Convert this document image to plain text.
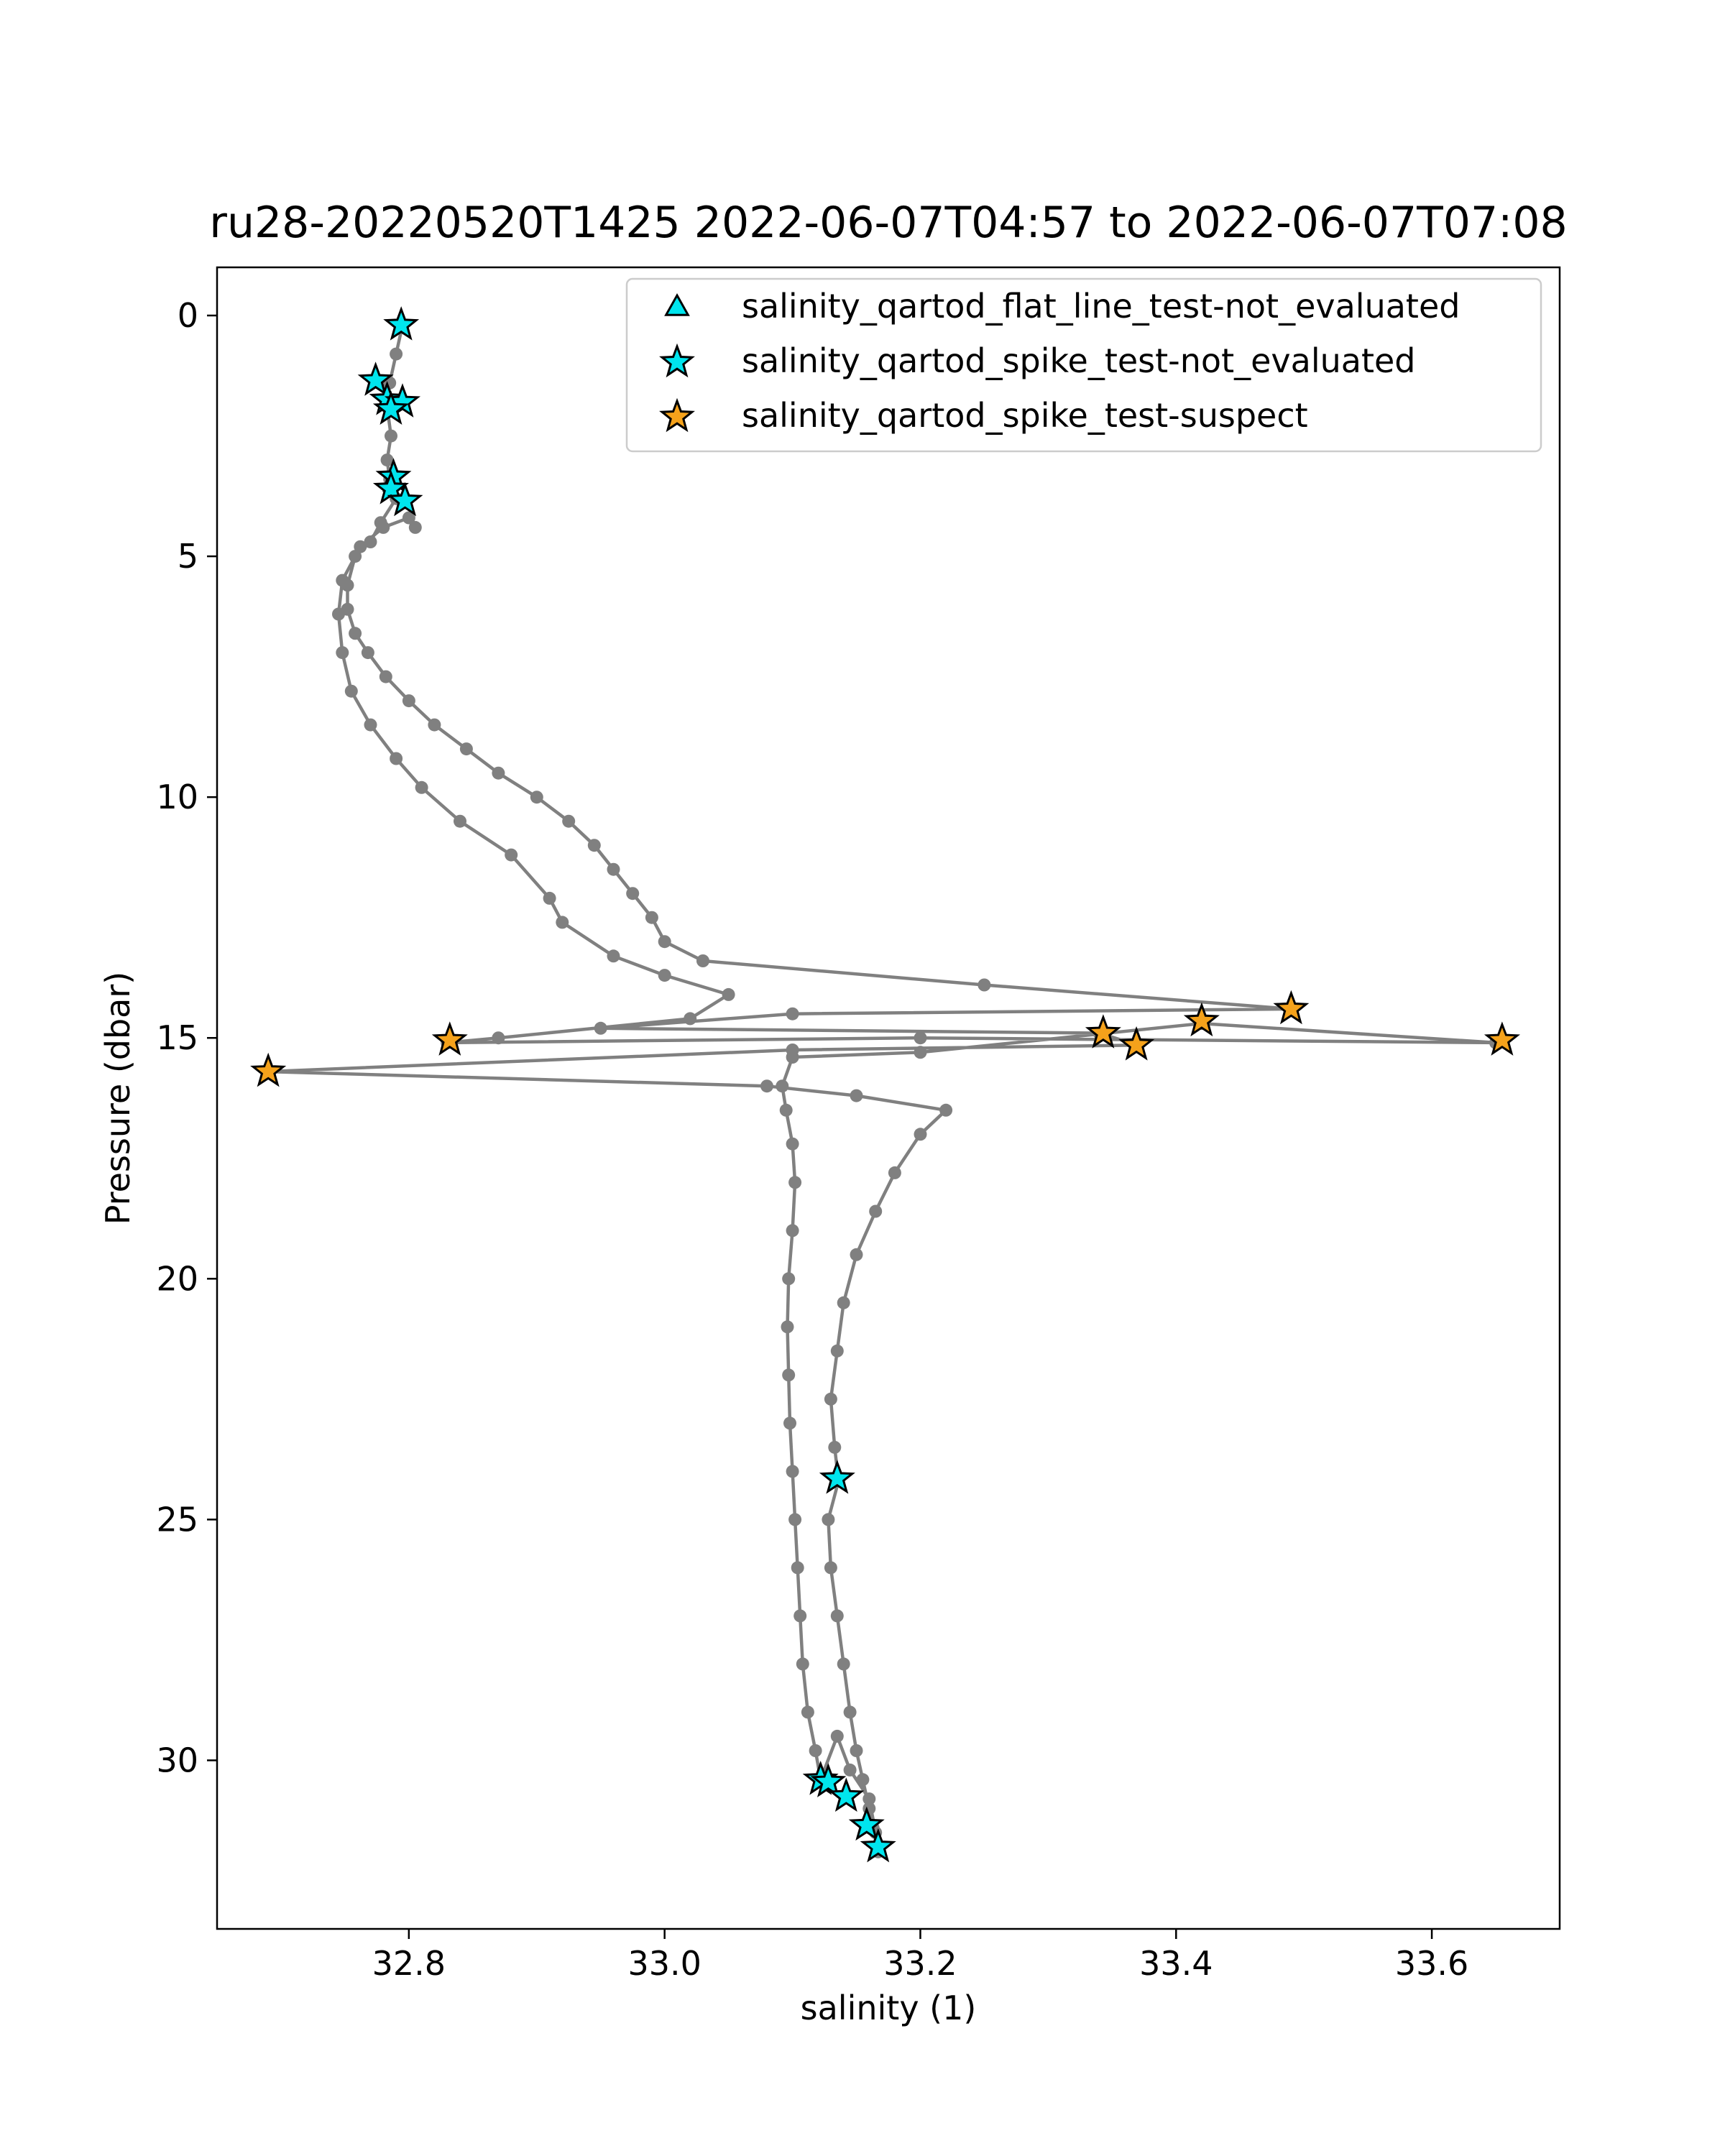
ru28-20220520T1425 2022-06-07T04:57 to 2022-06-07T07:08
32.8	33.0	33.2	33.4	33.6
0
5
10
15
20
25
30
salinity (1)
Pressure (dbar)
salinity_qartod_flat_line_test-not_evaluated
salinity_qartod_spike_test-not_evaluated
salinity_qartod_spike_test-suspect
